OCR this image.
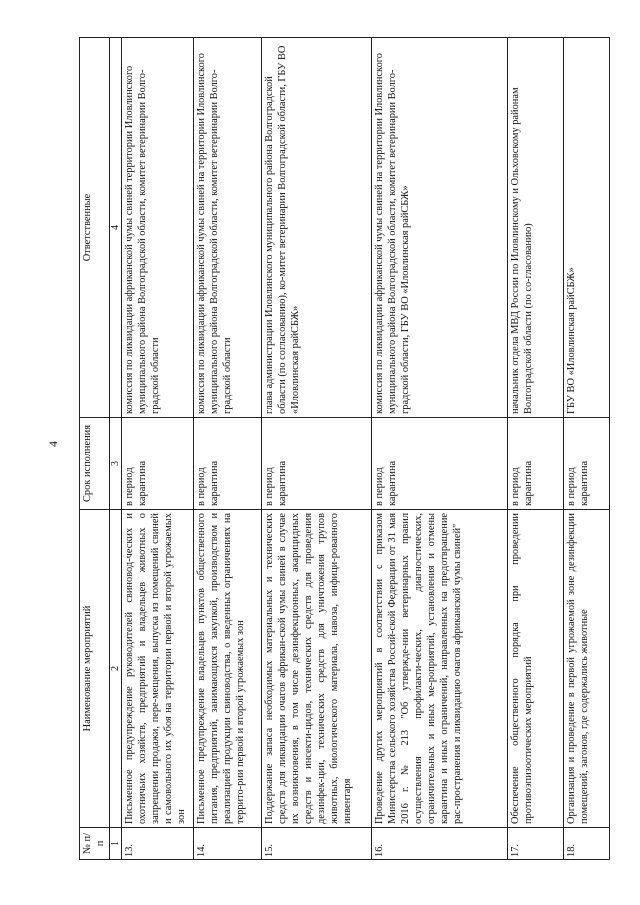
4
№ п/п	Наименование мероприятий	Срок исполнения	Ответственные
1	2	3	4
13.	Письменное предупреждение руководителей свиновод-ческих и охотничьих хозяйств, предприятий и владельцев животных о запрещении продажи, пере-мещения, выпуска из помещений свиней и самовольного их убоя на территории первой и второй угрожаемых зон	в период карантина	комиссия по ликвидации африканской чумы свиней территории Иловлинского муниципального района Волгоградской области, комитет ветеринарии Волго-градской области
14.	Письменное предупреждение владельцев пунктов общественного питания, предприятий, занимающихся закупкой, производством и реализацией продукции свиноводства, о введенных ограничениях на террито-рии первой и второй угрожаемых зон	в период карантина	комиссия по ликвидации африканской чумы свиней на территории Иловлинского муниципального района Волгоградской области, комитет ветеринарии Волго-градской области
15.	Поддержание запаса необходимых материальных и технических средств для ликвидации очагов африкан-ской чумы свиней в случае их возникновения, в том числе дезинфекционных, акарицидных средств и инсекти-цидов, технических средств для проведения дезинфек-ции, технических средств для уничтожения трупов животных, биологического материала, навоза, инфици-рованного инвентаря	в период карантина	глава администрации Иловлинского муниципального района Волгоградской области (по согласованию), ко-митет ветеринарии Волгоградской области, ГБУ ВО «Иловлинская райСБЖ»
16.	Проведение других мероприятий в соответствии с приказом Министерства сельского хозяйства Россий-ской Федерации от 31 мая 2016 г. № 213 "Об утвержде-нии ветеринарных правил осуществления профилакти-ческих, диагностических, ограничительных и иных ме-роприятий, установления и отмены карантина и иных ограничений, направленных на предотвращение рас-пространения и ликвидацию очагов африканской чумы свиней"	в период карантина	комиссия по ликвидации африканской чумы свиней на территории Иловлинского муниципального района Волгоградской области, комитет ветеринарии Волго-градской области, ГБУ ВО «Иловлинская райСБЖ»
17.	Обеспечение общественного порядка при проведении противоэпизоотических мероприятий	в период карантина	начальник отдела МВД России по Иловлинскому и Ольховскому районам Волгоградской области (по со-гласованию)
18.	Организация и проведение в первой угрожаемой зоне дезинфекции помещений, загонов, где содержались животные	в период карантина	ГБУ ВО «Иловлинская райСБЖ»
